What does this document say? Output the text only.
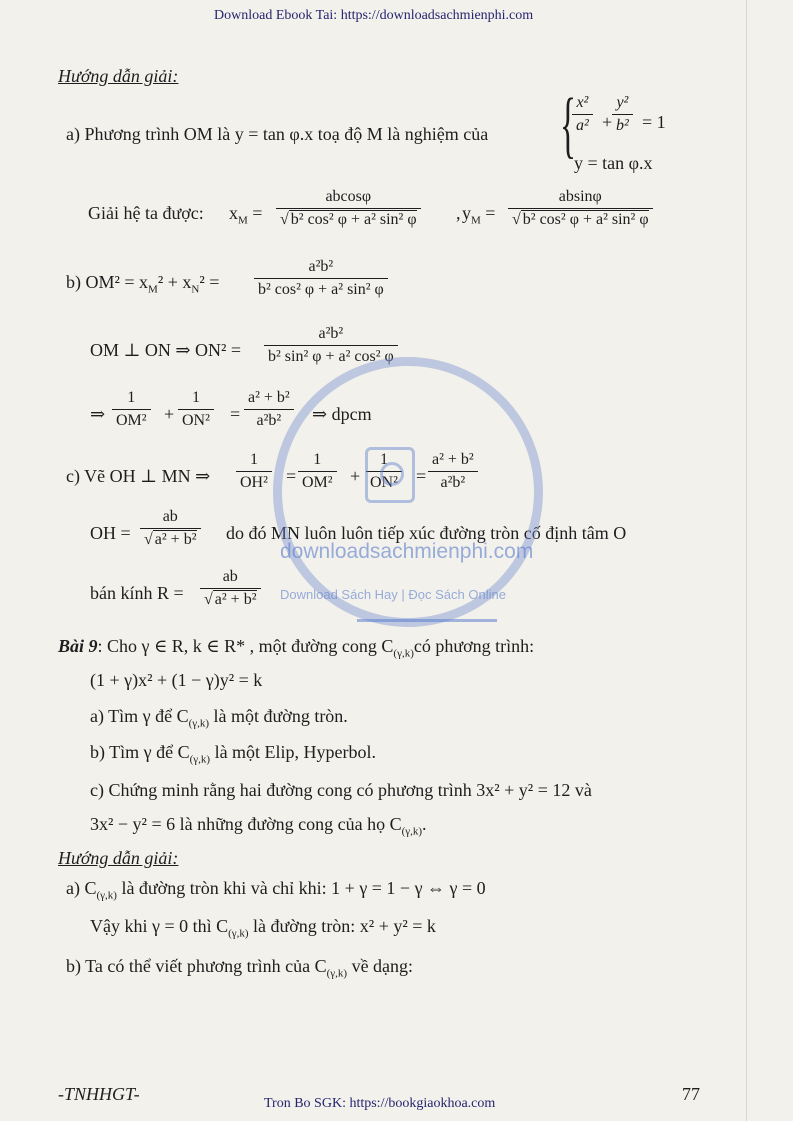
Download Ebook Tai: https://downloadsachmienphi.com
Hướng dẫn giải:
a) Phương trình OM là y = tan φ.x toạ độ M là nghiệm của { x²
a² +
y²
b² = 1
y = tan φ.x
Giải hệ ta được: $x_M$ =
abcosφ
√ b² cos² φ + a² sin² φ , $y_M$ =
absinφ
√ b² cos² φ + a² sin² φ
b) $OM^2 = x_M^2 + x_N^2$ =
a²b²
b² cos² φ + a² sin² φ
OM ⊥ ON ⇒ ON² =
a²b²
b² sin² φ + a² cos² φ
⇒
1
OM² +
1
ON² =
a² + b²
a²b² ⇒ dpcm
c) Vẽ OH ⊥ MN ⇒
1
OH² =
1
OM² +
1
ON² =
a² + b²
a²b²
OH =
ab
√ a² + b² do đó MN luôn luôn tiếp xúc đường tròn cố định tâm O
bán kính R =
ab
√ a² + b²
Bài 9: Cho γ ∈ R, k ∈ R* , một đường cong $C_{(\gamma,k)}có$ phương trình:
(1 + γ)x² + (1 − γ)y² = k
a) Tìm γ để $C_{(\gamma,k)}$ là một đường tròn.
b) Tìm γ để $C_{(\gamma,k)}$ là một Elip, Hyperbol.
c) Chứng minh rằng hai đường cong có phương trình 3x² + y² = 12 và
3x² − y² = 6 là những đường cong của họ $C_{(\gamma,k)}$.
Hướng dẫn giải:
a) $C_{(\gamma,k)}$ là đường tròn khi và chỉ khi: 1 + γ = 1 − γ ⇔ γ = 0
Vậy khi γ = 0 thì $C_{(\gamma,k)}$ là đường tròn: x² + y² = k
b) Ta có thể viết phương trình của $C_{(\gamma,k)}$ về dạng:
-TNHHGT-	77
Tron Bo SGK: https://bookgiaokhoa.com
downloadsachmienphi.com
Download Sách Hay | Đọc Sách Online
